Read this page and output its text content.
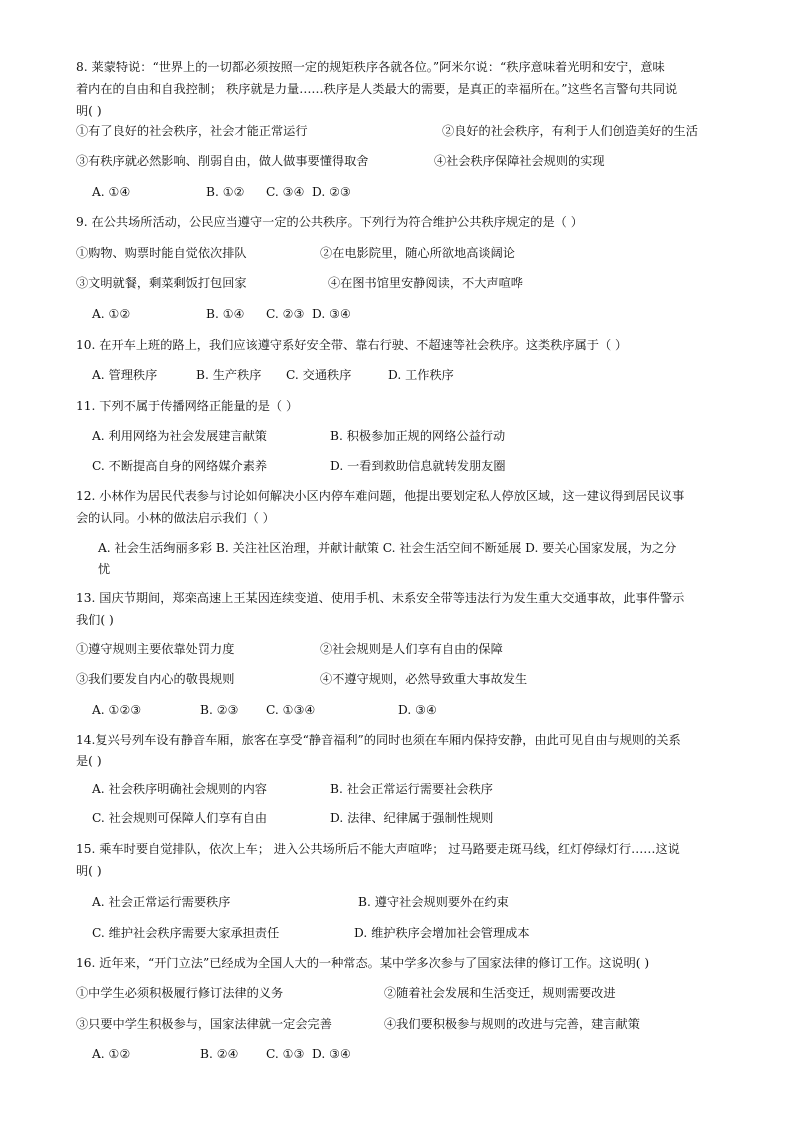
8. 莱蒙特说：“世界上的一切都必须按照一定的规矩秩序各就各位。”阿米尔说：“秩序意味着光明和安宁，意味
着内在的自由和自我控制； 秩序就是力量……秩序是人类最大的需要，是真正的幸福所在。”这些名言警句共同说
明( )
①有了良好的社会秩序，社会才能正常运行	②良好的社会秩序，有利于人们创造美好的生活
③有秩序就必然影响、削弱自由，做人做事要懂得取舍	④社会秩序保障社会规则的实现
A. ①④	B. ①② C. ③④ D. ②③
9. 在公共场所活动，公民应当遵守一定的公共秩序。下列行为符合维护公共秩序规定的是（ ）
①购物、购票时能自觉依次排队	②在电影院里，随心所欲地高谈阔论
③文明就餐，剩菜剩饭打包回家	④在图书馆里安静阅读，不大声喧哗
A. ①②	B. ①④ C. ②③ D. ③④
10. 在开车上班的路上，我们应该遵守系好安全带、靠右行驶、不超速等社会秩序。这类秩序属于（ ）
A. 管理秩序	B. 生产秩序 C. 交通秩序	D. 工作秩序
11. 下列不属于传播网络正能量的是（ ）
A. 利用网络为社会发展建言献策	B. 积极参加正规的网络公益行动
C. 不断提高自身的网络媒介素养	D. 一看到救助信息就转发朋友圈
12. 小林作为居民代表参与讨论如何解决小区内停车难问题，他提出要划定私人停放区域，这一建议得到居民议事
会的认同。小林的做法启示我们（ ）
A. 社会生活绚丽多彩 B. 关注社区治理，并献计献策 C. 社会生活空间不断延展 D. 要关心国家发展，为之分
忧
13. 国庆节期间，郑栾高速上王某因连续变道、使用手机、未系安全带等违法行为发生重大交通事故，此事件警示
我们( )
①遵守规则主要依靠处罚力度	②社会规则是人们享有自由的保障
③我们要发自内心的敬畏规则	④不遵守规则，必然导致重大事故发生
A. ①②③	B. ②③ C. ①③④	D. ③④
14.复兴号列车设有静音车厢，旅客在享受“静音福利”的同时也须在车厢内保持安静，由此可见自由与规则的关系
是( )
A. 社会秩序明确社会规则的内容	B. 社会正常运行需要社会秩序
C. 社会规则可保障人们享有自由	D. 法律、纪律属于强制性规则
15. 乘车时要自觉排队，依次上车； 进入公共场所后不能大声喧哗； 过马路要走斑马线，红灯停绿灯行……这说
明( )
A. 社会正常运行需要秩序	B. 遵守社会规则要外在约束
C. 维护社会秩序需要大家承担责任	D. 维护秩序会增加社会管理成本
16. 近年来，“开门立法”已经成为全国人大的一种常态。某中学多次参与了国家法律的修订工作。这说明( )
①中学生必须积极履行修订法律的义务	②随着社会发展和生活变迁，规则需要改进
③只要中学生积极参与，国家法律就一定会完善	④我们要积极参与规则的改进与完善，建言献策
A. ①②	B. ②④ C. ①③ D. ③④
